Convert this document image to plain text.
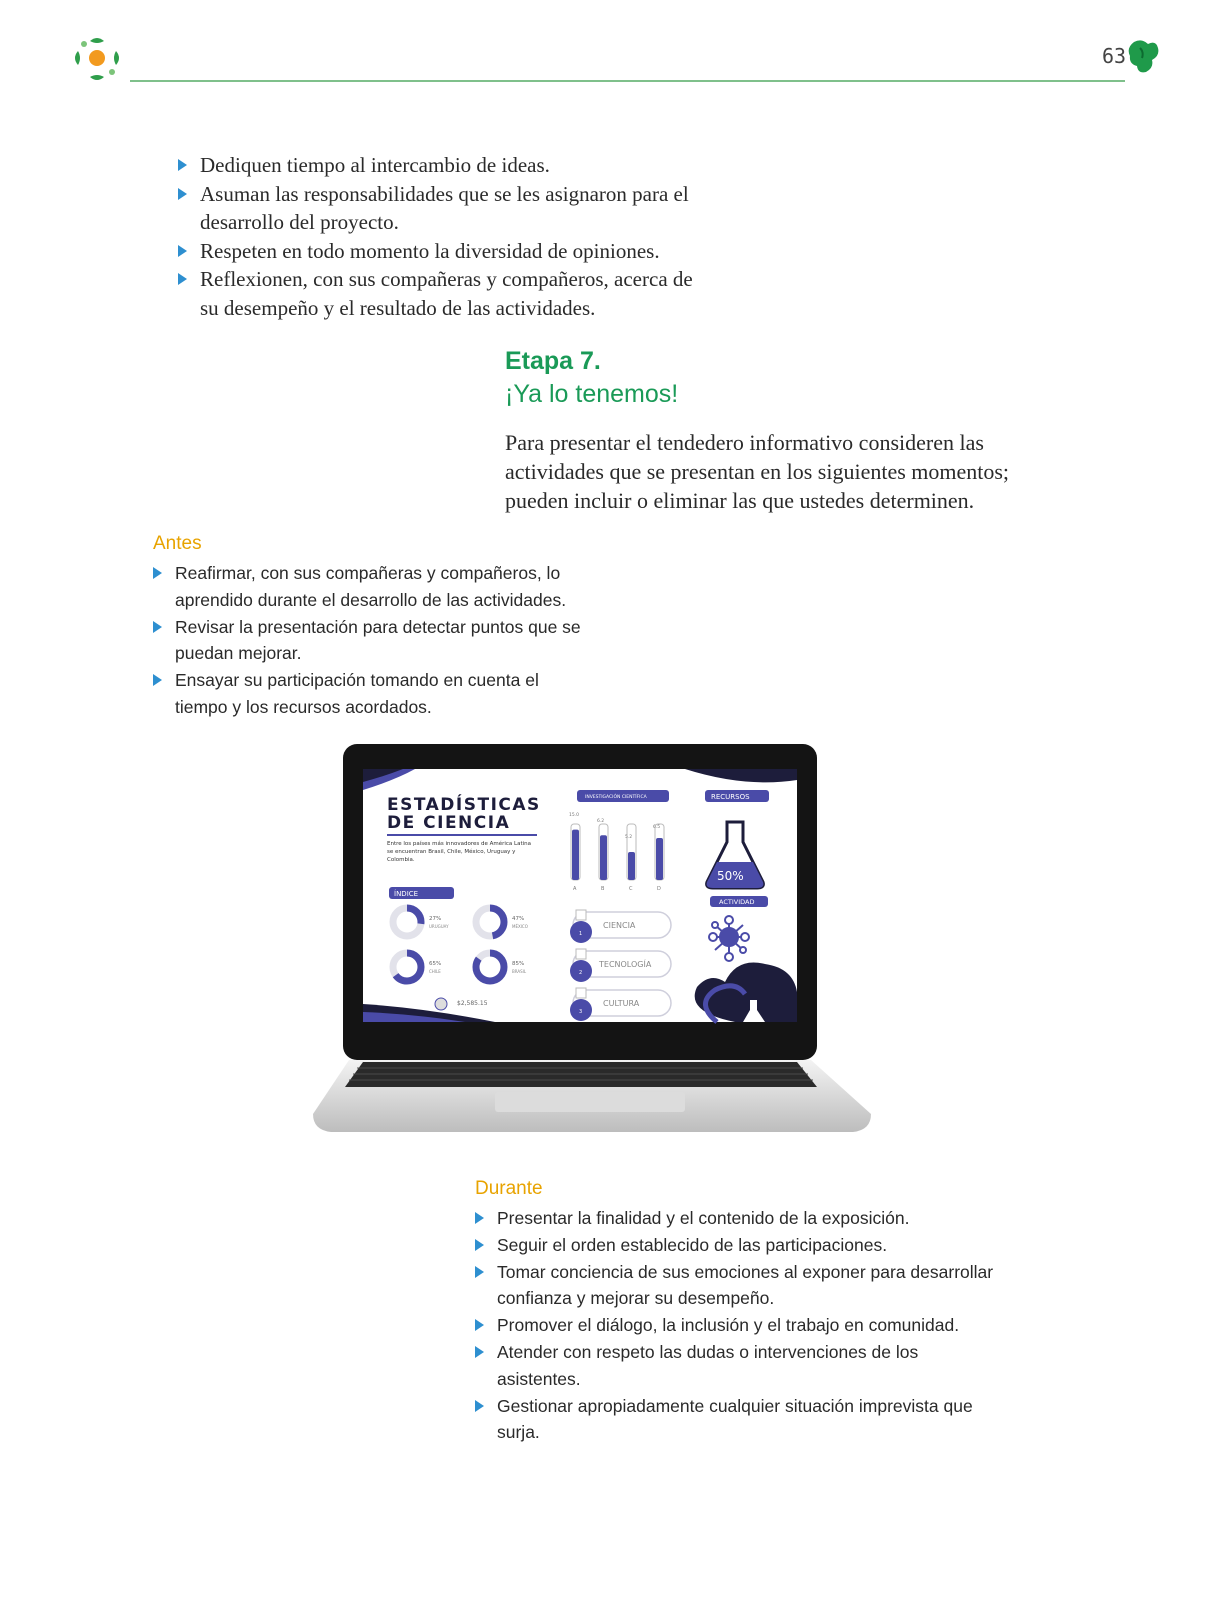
63
Dediquen tiempo al intercambio de ideas.
Asuman las responsabilidades que se les asignaron para el desarrollo del proyecto.
Respeten en todo momento la diversidad de opiniones.
Reflexionen, con sus compañeras y compañeros, acerca de su desempeño y el resultado de las actividades.
Etapa 7.
¡Ya lo tenemos!
Para presentar el tendedero informativo consideren las actividades que se presentan en los siguientes momentos; pueden incluir o eliminar las que ustedes determinen.
Antes
Reafirmar, con sus compañeras y compañeros, lo aprendido durante el desarrollo de las actividades.
Revisar la presentación para detectar puntos que se puedan mejorar.
Ensayar su participación tomando en cuenta el tiempo y los recursos acordados.
ESTADÍSTICAS
DE CIENCIA
Entre los países más innovadores de América Latina se encuentran Brasil, Chile, México, Uruguay y Colombia.
ÍNDICE
27%
URUGUAY
47%
MÉXICO
65%
CHILE
85%
BRASIL
$2,585.15
INVESTIGACIÓN CIENTÍFICA
15.0
A
6.2
B
5.2
C
6.5
D
1
CIENCIA
2
TECNOLOGÍA
3
CULTURA
RECURSOS
50%
ACTIVIDAD
Durante
Presentar la finalidad y el contenido de la exposición.
Seguir el orden establecido de las participaciones.
Tomar conciencia de sus emociones al exponer para desarrollar confianza y mejorar su desempeño.
Promover el diálogo, la inclusión y el trabajo en comunidad.
Atender con respeto las dudas o intervenciones de los asistentes.
Gestionar apropiadamente cualquier situación imprevista que surja.
